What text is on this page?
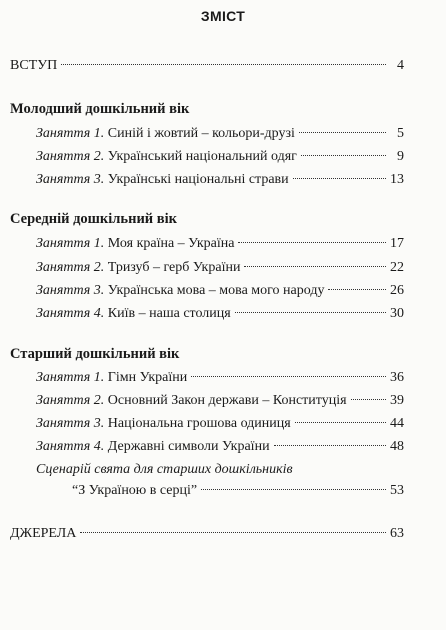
ЗМІСТ
ВСТУП	4
Молодший дошкільний вік
Заняття 1. Синій і жовтий – кольори-друзі	5
Заняття 2. Український національний одяг	9
Заняття 3. Українські національні страви	13
Середній дошкільний вік
Заняття 1. Моя країна – Україна	17
Заняття 2. Тризуб – герб України	22
Заняття 3. Українська мова – мова мого народу	26
Заняття 4. Київ – наша столиця	30
Старший дошкільний вік
Заняття 1. Гімн України	36
Заняття 2. Основний Закон держави – Конституція	39
Заняття 3. Національна грошова одиниця	44
Заняття 4. Державні символи України	48
Сценарій свята для старших дошкільників
“З Україною в серці”	53
ДЖЕРЕЛА	63
